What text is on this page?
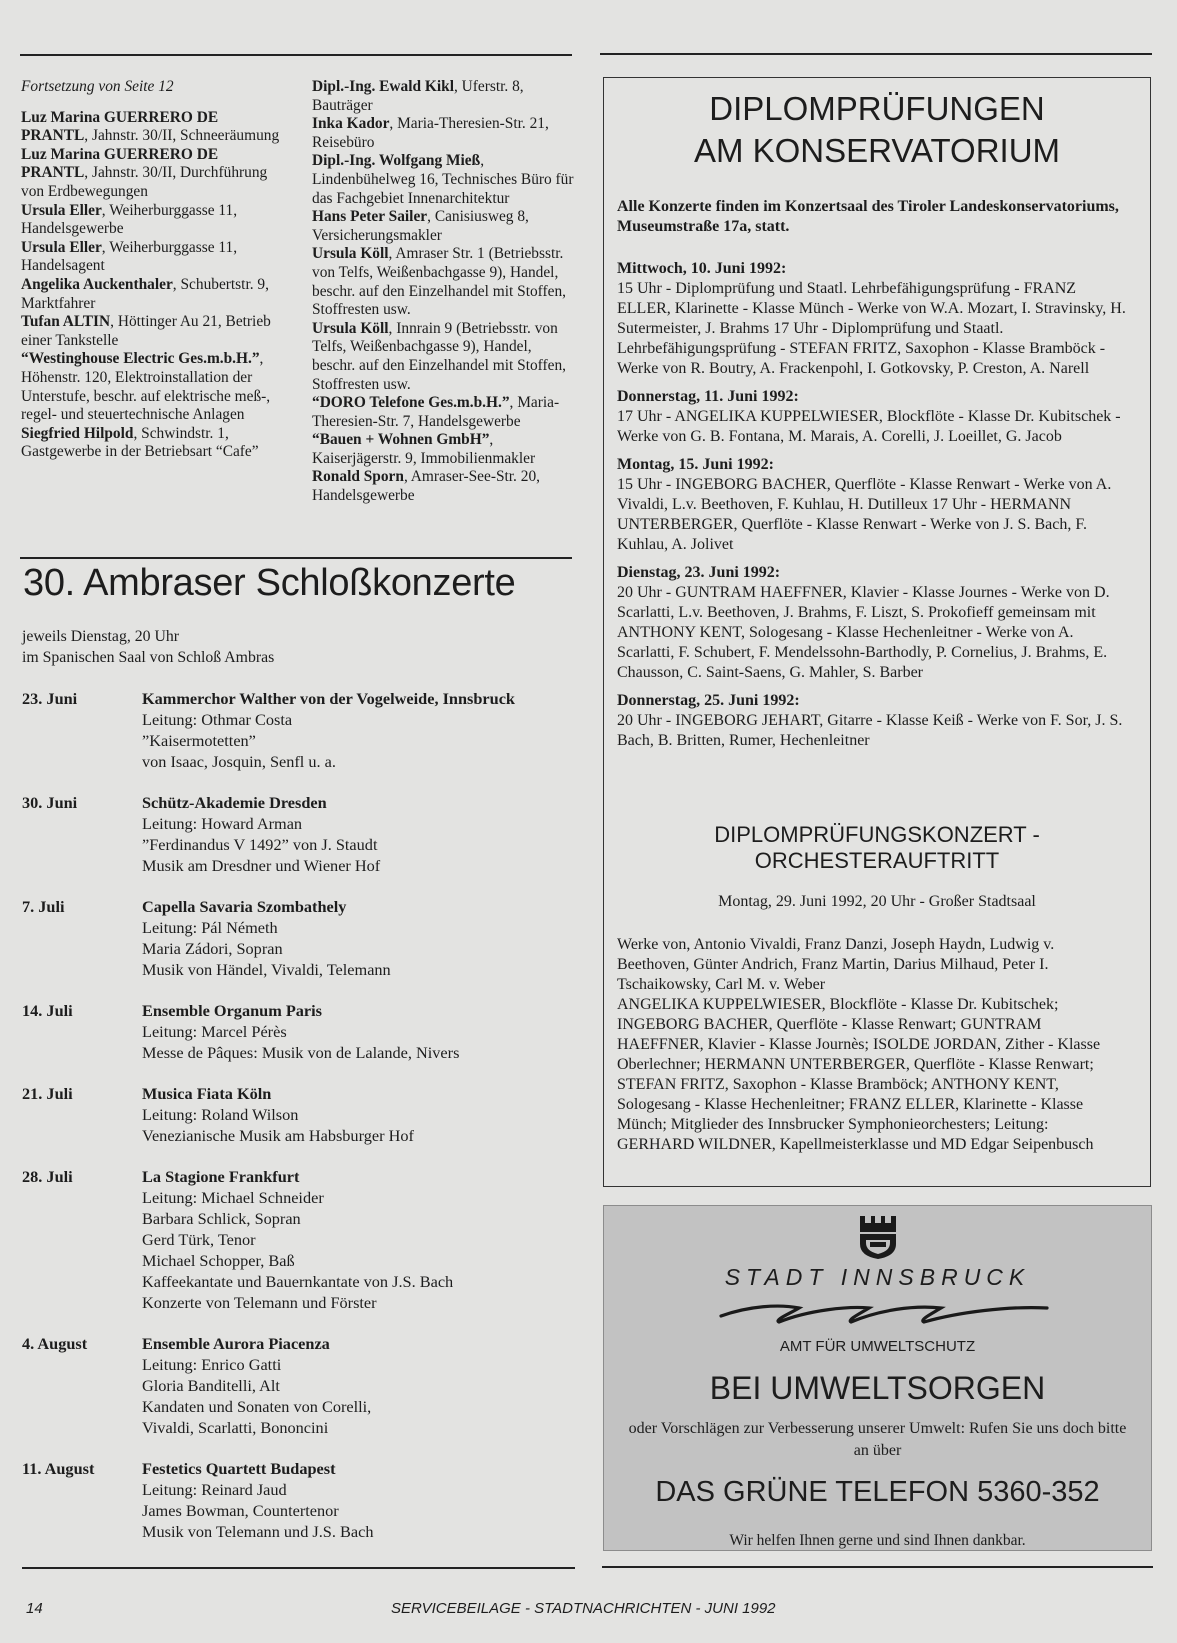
Fortsetzung von Seite 12
Luz Marina GUERRERO DE PRANTL, Jahnstr. 30/II, Schneeräumung
Luz Marina GUERRERO DE PRANTL, Jahnstr. 30/II, Durchführung von Erdbewegungen
Ursula Eller, Weiherburggasse 11, Handelsgewerbe
Ursula Eller, Weiherburggasse 11, Handelsagent
Angelika Auckenthaler, Schubertstr. 9, Marktfahrer
Tufan ALTIN, Höttinger Au 21, Betrieb einer Tankstelle
“Westinghouse Electric Ges.m.b.H.”, Höhenstr. 120, Elektroinstallation der Unterstufe, beschr. auf elektrische meß-, regel- und steuertechnische Anlagen
Siegfried Hilpold, Schwindstr. 1, Gastgewerbe in der Betriebsart “Cafe”
Dipl.-Ing. Ewald Kikl, Uferstr. 8, Bauträger
Inka Kador, Maria-Theresien-Str. 21, Reisebüro
Dipl.-Ing. Wolfgang Mieß, Lindenbühelweg 16, Technisches Büro für das Fachgebiet Innenarchitektur
Hans Peter Sailer, Canisiusweg 8, Versicherungsmakler
Ursula Köll, Amraser Str. 1 (Betriebsstr. von Telfs, Weißenbachgasse 9), Handel, beschr. auf den Einzelhandel mit Stoffen, Stoffresten usw.
Ursula Köll, Innrain 9 (Betriebsstr. von Telfs, Weißenbachgasse 9), Handel, beschr. auf den Einzelhandel mit Stoffen, Stoffresten usw.
“DORO Telefone Ges.m.b.H.”, Maria-Theresien-Str. 7, Handelsgewerbe
“Bauen + Wohnen GmbH”, Kaiserjägerstr. 9, Immobilienmakler
Ronald Sporn, Amraser-See-Str. 20, Handelsgewerbe
30. Ambraser Schloßkonzerte
jeweils Dienstag, 20 Uhr
im Spanischen Saal von Schloß Ambras
23. Juni	Kammerchor Walther von der Vogelweide, Innsbruck
Leitung: Othmar Costa
”Kaisermotetten”
von Isaac, Josquin, Senfl u. a.
30. Juni	Schütz-Akademie Dresden
Leitung: Howard Arman
”Ferdinandus V 1492” von J. Staudt
Musik am Dresdner und Wiener Hof
7. Juli	Capella Savaria Szombathely
Leitung: Pál Németh
Maria Zádori, Sopran
Musik von Händel, Vivaldi, Telemann
14. Juli	Ensemble Organum Paris
Leitung: Marcel Pérès
Messe de Pâques: Musik von de Lalande, Nivers
21. Juli	Musica Fiata Köln
Leitung: Roland Wilson
Venezianische Musik am Habsburger Hof
28. Juli	La Stagione Frankfurt
Leitung: Michael Schneider
Barbara Schlick, Sopran
Gerd Türk, Tenor
Michael Schopper, Baß
Kaffeekantate und Bauernkantate von J.S. Bach
Konzerte von Telemann und Förster
4. August	Ensemble Aurora Piacenza
Leitung: Enrico Gatti
Gloria Banditelli, Alt
Kandaten und Sonaten von Corelli,
Vivaldi, Scarlatti, Bononcini
11. August	Festetics Quartett Budapest
Leitung: Reinard Jaud
James Bowman, Countertenor
Musik von Telemann und J.S. Bach
DIPLOMPRÜFUNGEN
AM KONSERVATORIUM
Alle Konzerte finden im Konzertsaal des Tiroler Landeskonservatoriums, Museumstraße 17a, statt.
Mittwoch, 10. Juni 1992:
15 Uhr - Diplomprüfung und Staatl. Lehrbefähigungsprüfung - FRANZ ELLER, Klarinette - Klasse Münch - Werke von W.A. Mozart, I. Stravinsky, H. Sutermeister, J. Brahms 17 Uhr - Diplomprüfung und Staatl. Lehrbefähigungsprüfung - STEFAN FRITZ, Saxophon - Klasse Bramböck - Werke von R. Boutry, A. Frackenpohl, I. Gotkovsky, P. Creston, A. Narell
Donnerstag, 11. Juni 1992:
17 Uhr - ANGELIKA KUPPELWIESER, Blockflöte - Klasse Dr. Kubitschek - Werke von G. B. Fontana, M. Marais, A. Corelli, J. Loeillet, G. Jacob
Montag, 15. Juni 1992:
15 Uhr - INGEBORG BACHER, Querflöte - Klasse Renwart - Werke von A. Vivaldi, L.v. Beethoven, F. Kuhlau, H. Dutilleux 17 Uhr - HERMANN UNTERBERGER, Querflöte - Klasse Renwart - Werke von J. S. Bach, F. Kuhlau, A. Jolivet
Dienstag, 23. Juni 1992:
20 Uhr - GUNTRAM HAEFFNER, Klavier - Klasse Journes - Werke von D. Scarlatti, L.v. Beethoven, J. Brahms, F. Liszt, S. Prokofieff gemeinsam mit ANTHONY KENT, Sologesang - Klasse Hechenleitner - Werke von A. Scarlatti, F. Schubert, F. Mendelssohn-Barthodly, P. Cornelius, J. Brahms, E. Chausson, C. Saint-Saens, G. Mahler, S. Barber
Donnerstag, 25. Juni 1992:
20 Uhr - INGEBORG JEHART, Gitarre - Klasse Keiß - Werke von F. Sor, J. S. Bach, B. Britten, Rumer, Hechenleitner
DIPLOMPRÜFUNGSKONZERT -
ORCHESTERAUFTRITT
Montag, 29. Juni 1992, 20 Uhr - Großer Stadtsaal
Werke von, Antonio Vivaldi, Franz Danzi, Joseph Haydn, Ludwig v. Beethoven, Günter Andrich, Franz Martin, Darius Milhaud, Peter I. Tschaikowsky, Carl M. v. Weber
ANGELIKA KUPPELWIESER, Blockflöte - Klasse Dr. Kubitschek; INGEBORG BACHER, Querflöte - Klasse Renwart; GUNTRAM HAEFFNER, Klavier - Klasse Journès; ISOLDE JORDAN, Zither - Klasse Oberlechner; HERMANN UNTERBERGER, Querflöte - Klasse Renwart; STEFAN FRITZ, Saxophon - Klasse Bramböck; ANTHONY KENT, Sologesang - Klasse Hechenleitner; FRANZ ELLER, Klarinette - Klasse Münch; Mitglieder des Innsbrucker Symphonieorchesters; Leitung: GERHARD WILDNER, Kapellmeisterklasse und MD Edgar Seipenbusch
STADT INNSBRUCK
AMT FÜR UMWELTSCHUTZ
BEI UMWELTSORGEN
oder Vorschlägen zur Verbesserung unserer Umwelt: Rufen Sie uns doch bitte an über
DAS GRÜNE TELEFON 5360-352
Wir helfen Ihnen gerne und sind Ihnen dankbar.
14	SERVICEBEILAGE - STADTNACHRICHTEN - JUNI 1992
